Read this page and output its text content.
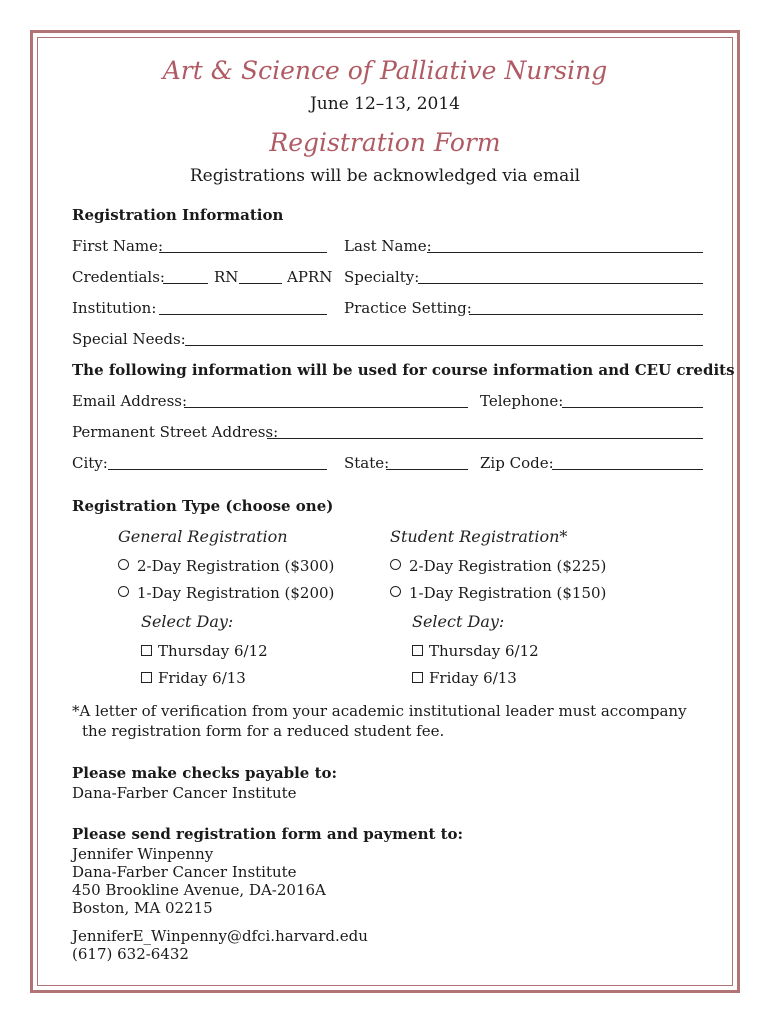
Art & Science of Palliative Nursing
June 12–13, 2014
Registration Form
Registrations will be acknowledged via email
Registration Information
First Name:	Last Name:
Credentials:	RN	APRN Specialty:
Institution:	Practice Setting:
Special Needs:
The following information will be used for course information and CEU credits
Email Address:	Telephone:
Permanent Street Address:
City:	State:	Zip Code:
Registration Type (choose one)
General Registration	Student Registration*
2-Day Registration ($300)	2-Day Registration ($225)
1-Day Registration ($200)	1-Day Registration ($150)
Select Day:	Select Day:
Thursday 6/12	Thursday 6/12
Friday 6/13	Friday 6/13
*A letter of verification from your academic institutional leader must accompany
the registration form for a reduced student fee.
Please make checks payable to:
Dana-Farber Cancer Institute
Please send registration form and payment to:
Jennifer Winpenny
Dana-Farber Cancer Institute
450 Brookline Avenue, DA-2016A
Boston, MA 02215
JenniferE_Winpenny@dfci.harvard.edu
(617) 632-6432
